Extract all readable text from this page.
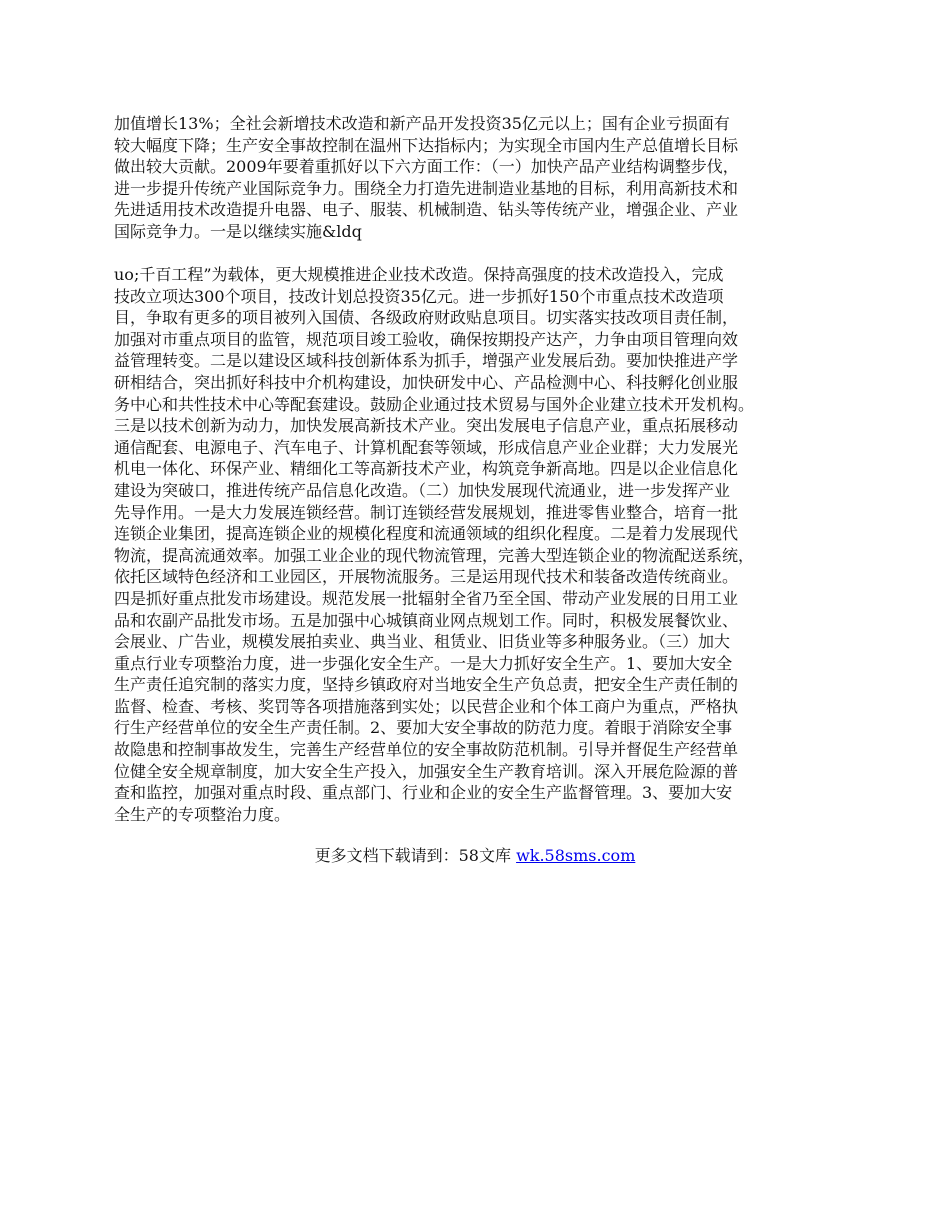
加值增长13%；全社会新增技术改造和新产品开发投资35亿元以上；国有企业亏损面有
较大幅度下降；生产安全事故控制在温州下达指标内；为实现全市国内生产总值增长目标
做出较大贡献。2009年要着重抓好以下六方面工作：（一）加快产品产业结构调整步伐，
进一步提升传统产业国际竞争力。围绕全力打造先进制造业基地的目标，利用高新技术和
先进适用技术改造提升电器、电子、服装、机械制造、钻头等传统产业，增强企业、产业
国际竞争力。一是以继续实施&ldq
uo;千百工程”为载体，更大规模推进企业技术改造。保持高强度的技术改造投入，完成
技改立项达300个项目，技改计划总投资35亿元。进一步抓好150个市重点技术改造项
目，争取有更多的项目被列入国债、各级政府财政贴息项目。切实落实技改项目责任制，
加强对市重点项目的监管，规范项目竣工验收，确保按期投产达产，力争由项目管理向效
益管理转变。二是以建设区域科技创新体系为抓手，增强产业发展后劲。要加快推进产学
研相结合，突出抓好科技中介机构建设，加快研发中心、产品检测中心、科技孵化创业服
务中心和共性技术中心等配套建设。鼓励企业通过技术贸易与国外企业建立技术开发机构。
三是以技术创新为动力，加快发展高新技术产业。突出发展电子信息产业，重点拓展移动
通信配套、电源电子、汽车电子、计算机配套等领域，形成信息产业企业群；大力发展光
机电一体化、环保产业、精细化工等高新技术产业，构筑竞争新高地。四是以企业信息化
建设为突破口，推进传统产品信息化改造。（二）加快发展现代流通业，进一步发挥产业
先导作用。一是大力发展连锁经营。制订连锁经营发展规划，推进零售业整合，培育一批
连锁企业集团，提高连锁企业的规模化程度和流通领域的组织化程度。二是着力发展现代
物流，提高流通效率。加强工业企业的现代物流管理，完善大型连锁企业的物流配送系统，
依托区域特色经济和工业园区，开展物流服务。三是运用现代技术和装备改造传统商业。
四是抓好重点批发市场建设。规范发展一批辐射全省乃至全国、带动产业发展的日用工业
品和农副产品批发市场。五是加强中心城镇商业网点规划工作。同时，积极发展餐饮业、
会展业、广告业，规模发展拍卖业、典当业、租赁业、旧货业等多种服务业。（三）加大
重点行业专项整治力度，进一步强化安全生产。一是大力抓好安全生产。1、要加大安全
生产责任追究制的落实力度，坚持乡镇政府对当地安全生产负总责，把安全生产责任制的
监督、检查、考核、奖罚等各项措施落到实处；以民营企业和个体工商户为重点，严格执
行生产经营单位的安全生产责任制。2、要加大安全事故的防范力度。着眼于消除安全事
故隐患和控制事故发生，完善生产经营单位的安全事故防范机制。引导并督促生产经营单
位健全安全规章制度，加大安全生产投入，加强安全生产教育培训。深入开展危险源的普
查和监控，加强对重点时段、重点部门、行业和企业的安全生产监督管理。3、要加大安
全生产的专项整治力度。
更多文档下载请到：58文库 wk.58sms.com
